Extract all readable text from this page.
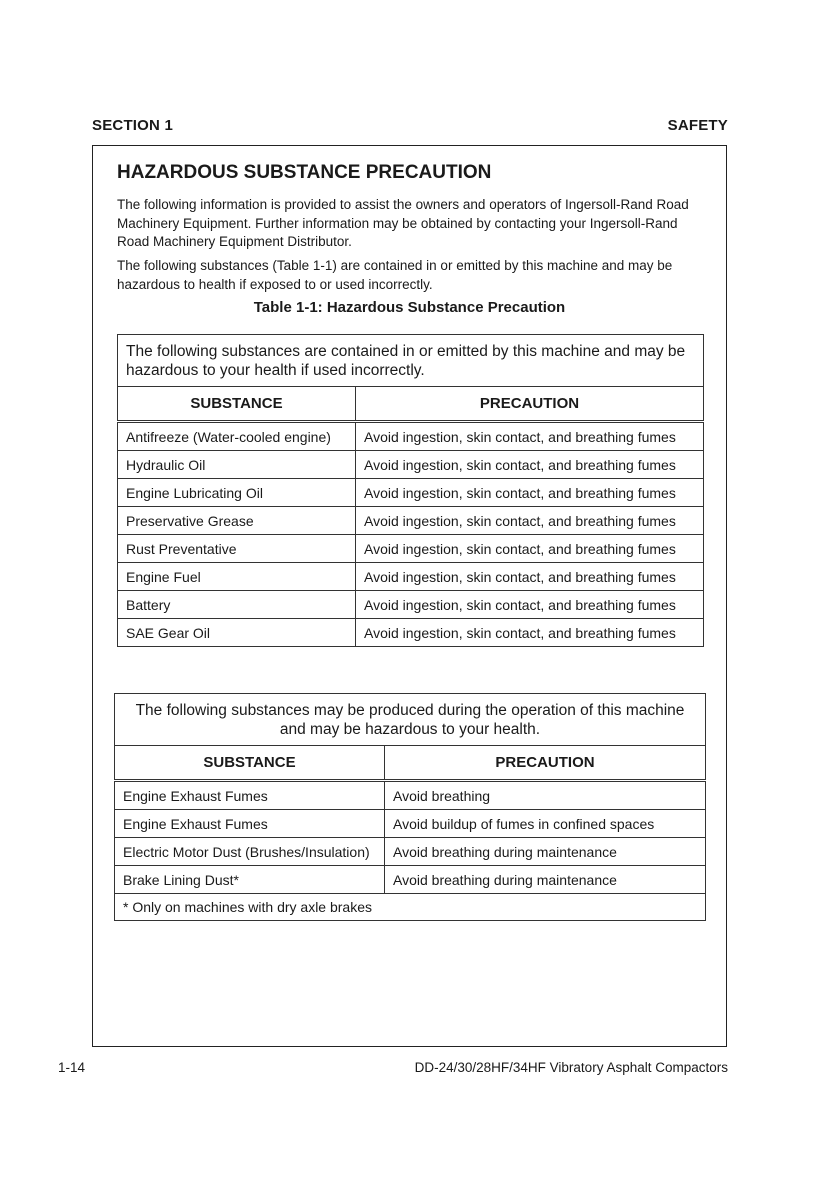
SECTION 1	SAFETY
HAZARDOUS SUBSTANCE PRECAUTION

The following information is provided to assist the owners and operators of Ingersoll-Rand Road Machinery Equipment. Further information may be obtained by contacting your Ingersoll-Rand Road Machinery Equipment Distributor.

The following substances (Table 1-1) are contained in or emitted by this machine and may be hazardous to health if exposed to or used incorrectly.

Table 1-1: Hazardous Substance Precaution

The following substances are contained in or emitted by this machine and may be hazardous to your health if used incorrectly.	
SUBSTANCE	PRECAUTION
Antifreeze (Water-cooled engine)	Avoid ingestion, skin contact, and breathing fumes
Hydraulic Oil	Avoid ingestion, skin contact, and breathing fumes
Engine Lubricating Oil	Avoid ingestion, skin contact, and breathing fumes
Preservative Grease	Avoid ingestion, skin contact, and breathing fumes
Rust Preventative	Avoid ingestion, skin contact, and breathing fumes
Engine Fuel	Avoid ingestion, skin contact, and breathing fumes
Battery	Avoid ingestion, skin contact, and breathing fumes
SAE Gear Oil	Avoid ingestion, skin contact, and breathing fumes
The following substances may be produced during the operation of this machine and may be hazardous to your health.	
SUBSTANCE	PRECAUTION
Engine Exhaust Fumes	Avoid breathing
Engine Exhaust Fumes	Avoid buildup of fumes in confined spaces
Electric Motor Dust (Brushes/Insulation)	Avoid breathing during maintenance
Brake Lining Dust*	Avoid breathing during maintenance
* Only on machines with dry axle brakes	
1-14	DD-24/30/28HF/34HF Vibratory Asphalt Compactors
